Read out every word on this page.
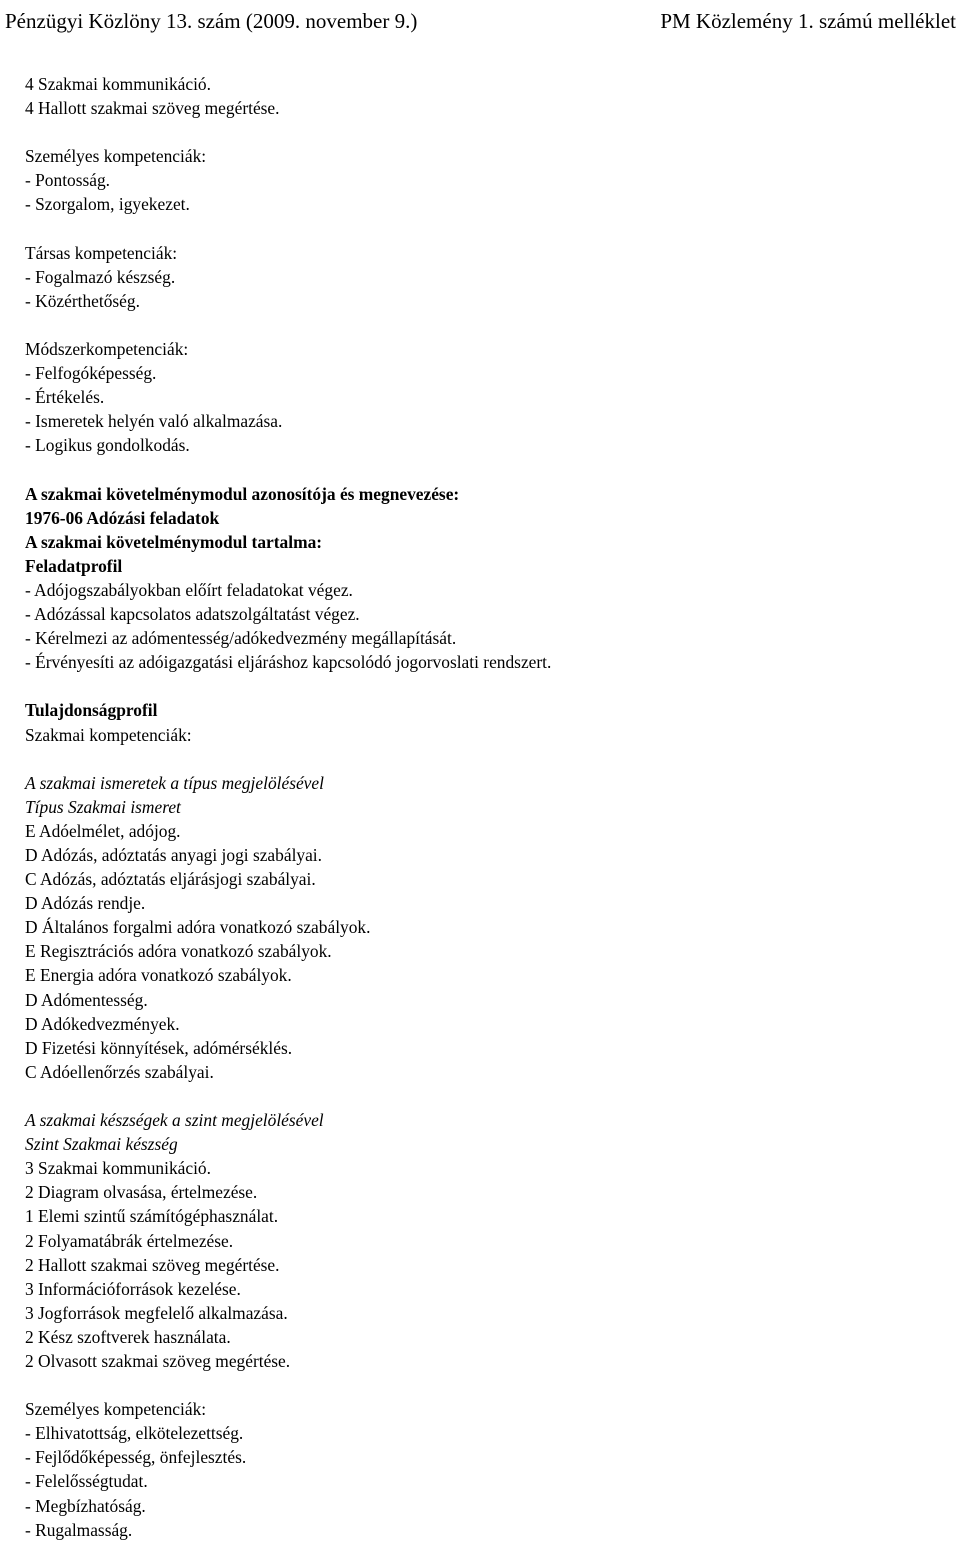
Pénzügyi Közlöny 13. szám (2009. november 9.)	PM Közlemény 1. számú melléklet
4 Szakmai kommunikáció.
4 Hallott szakmai szöveg megértése.
Személyes kompetenciák:
- Pontosság.
- Szorgalom, igyekezet.
Társas kompetenciák:
- Fogalmazó készség.
- Közérthetőség.
Módszerkompetenciák:
- Felfogóképesség.
- Értékelés.
- Ismeretek helyén való alkalmazása.
- Logikus gondolkodás.
A szakmai követelménymodul azonosítója és megnevezése:
1976-06 Adózási feladatok
A szakmai követelménymodul tartalma:
Feladatprofil
- Adójogszabályokban előírt feladatokat végez.
- Adózással kapcsolatos adatszolgáltatást végez.
- Kérelmezi az adómentesség/adókedvezmény megállapítását.
- Érvényesíti az adóigazgatási eljáráshoz kapcsolódó jogorvoslati rendszert.
Tulajdonságprofil
Szakmai kompetenciák:
A szakmai ismeretek a típus megjelölésével
Típus Szakmai ismeret
E Adóelmélet, adójog.
D Adózás, adóztatás anyagi jogi szabályai.
C Adózás, adóztatás eljárásjogi szabályai.
D Adózás rendje.
D Általános forgalmi adóra vonatkozó szabályok.
E Regisztrációs adóra vonatkozó szabályok.
E Energia adóra vonatkozó szabályok.
D Adómentesség.
D Adókedvezmények.
D Fizetési könnyítések, adómérséklés.
C Adóellenőrzés szabályai.
A szakmai készségek a szint megjelölésével
Szint Szakmai készség
3 Szakmai kommunikáció.
2 Diagram olvasása, értelmezése.
1 Elemi szintű számítógéphasználat.
2 Folyamatábrák értelmezése.
2 Hallott szakmai szöveg megértése.
3 Információforrások kezelése.
3 Jogforrások megfelelő alkalmazása.
2 Kész szoftverek használata.
2 Olvasott szakmai szöveg megértése.
Személyes kompetenciák:
- Elhivatottság, elkötelezettség.
- Fejlődőképesség, önfejlesztés.
- Felelősségtudat.
- Megbízhatóság.
- Rugalmasság.
